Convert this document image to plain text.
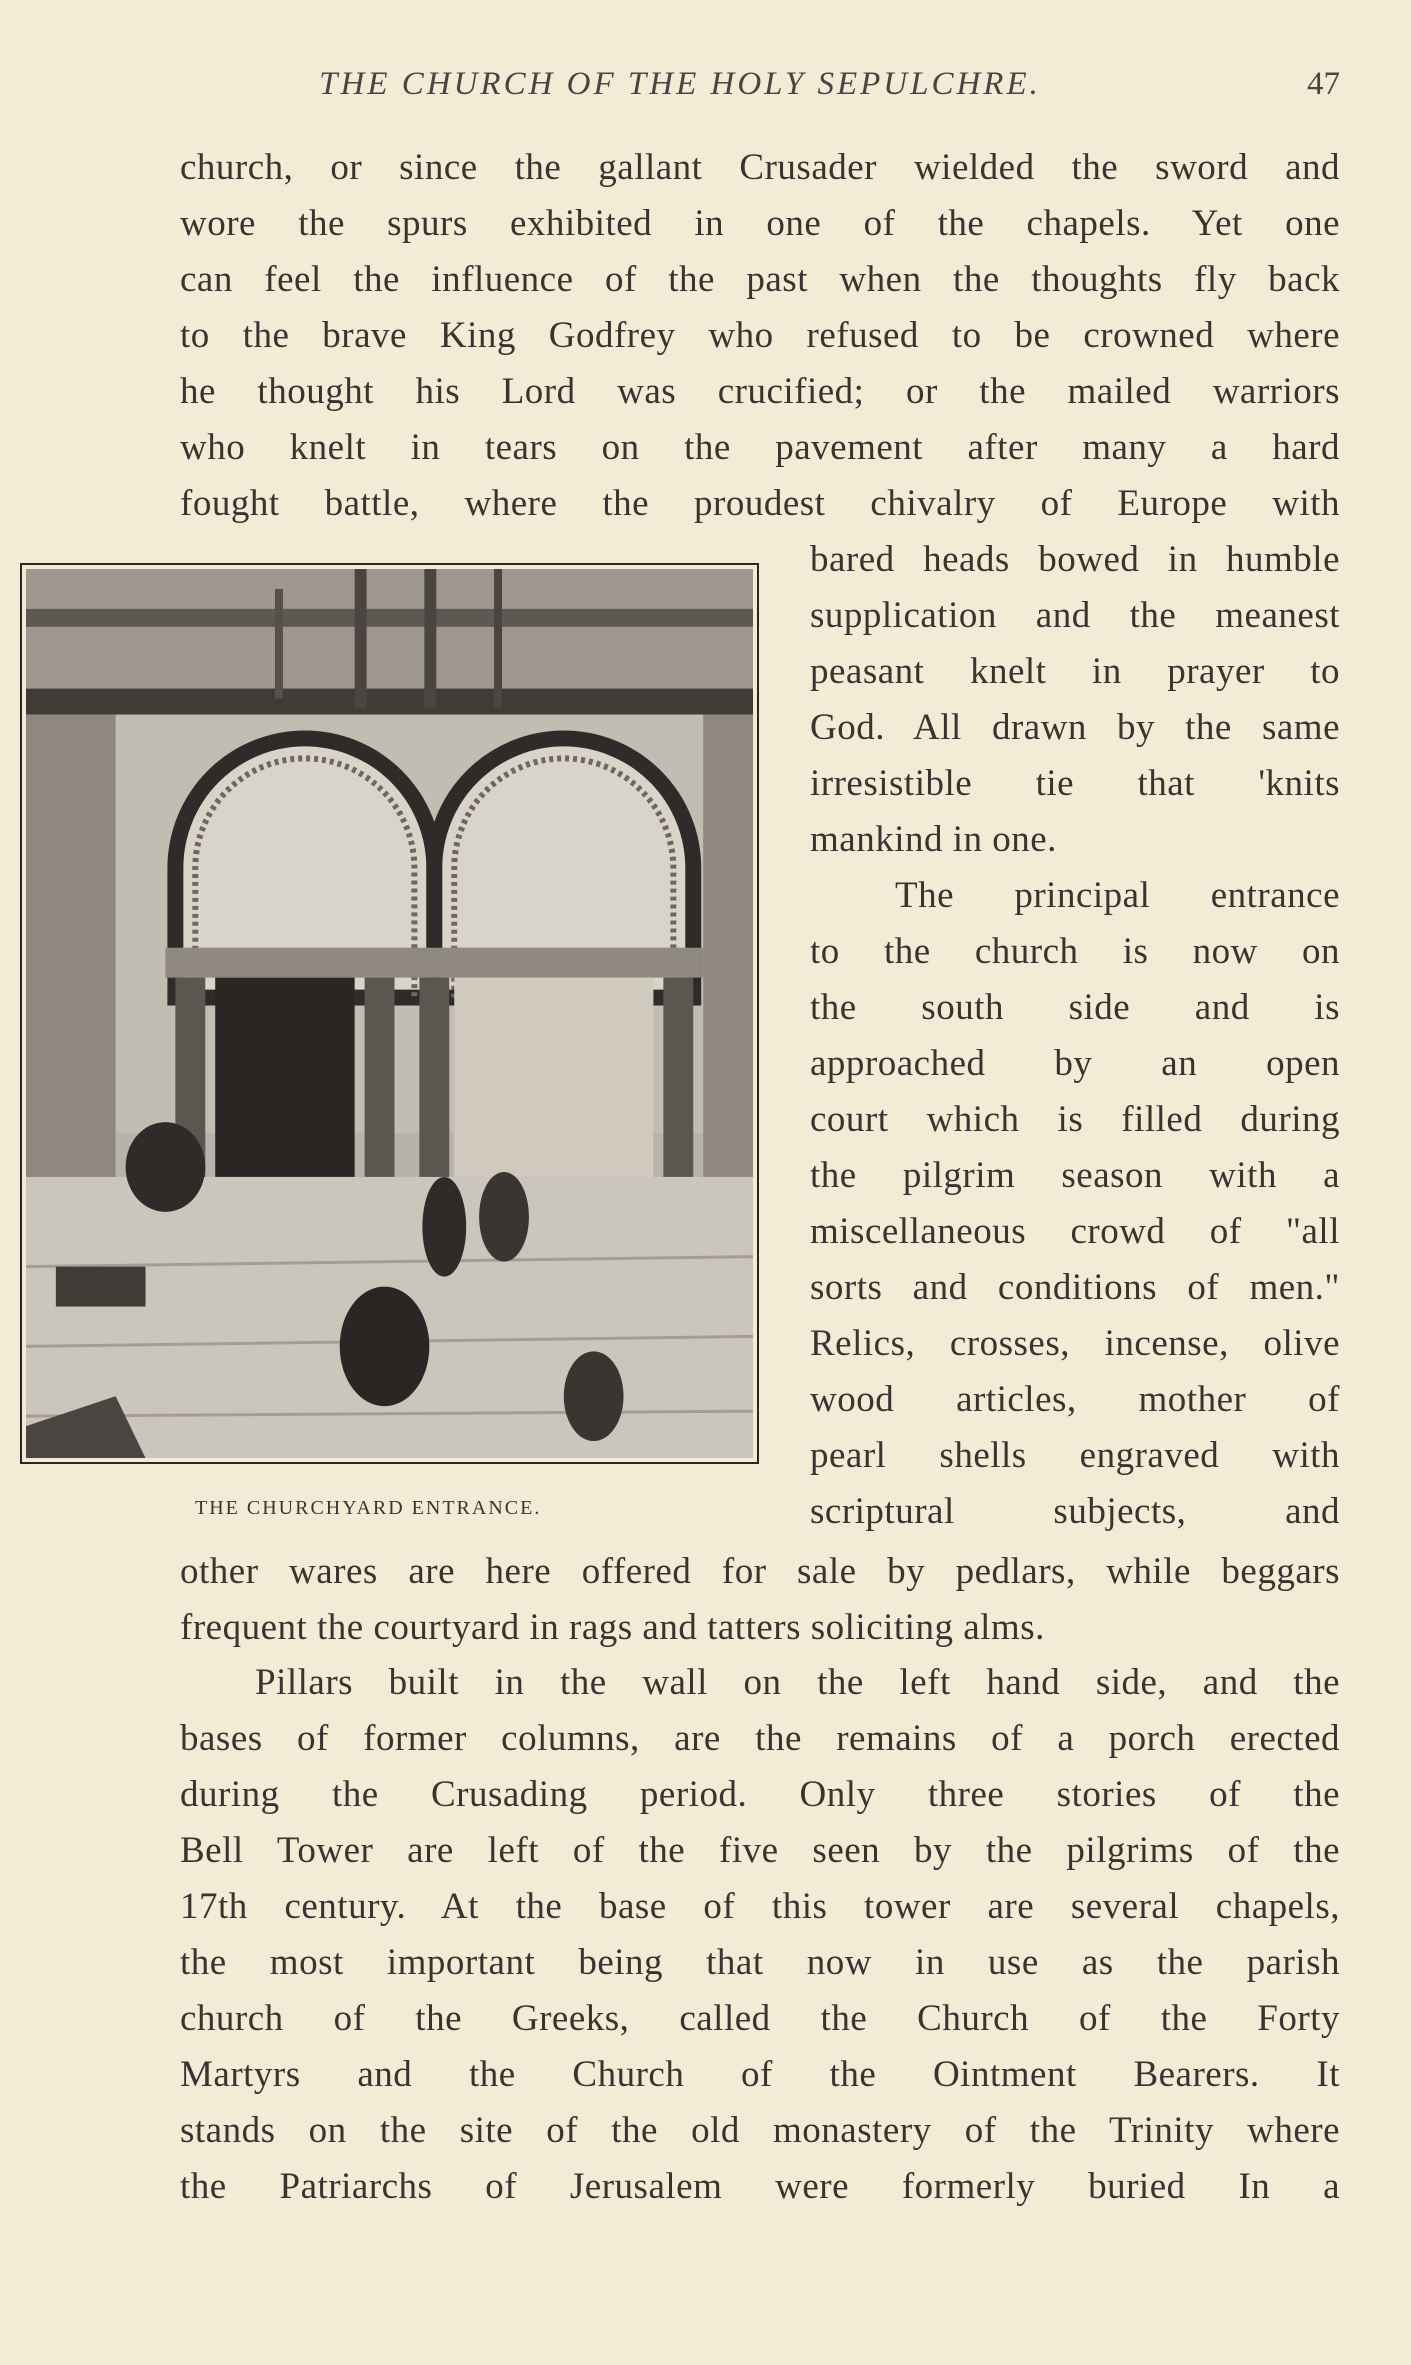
THE CHURCH OF THE HOLY SEPULCHRE.	47
church, or since the gallant Crusader wielded the sword and
wore the spurs exhibited in one of the chapels. Yet one
can feel the influence of the past when the thoughts fly back
to the brave King Godfrey who refused to be crowned where
he thought his Lord was crucified; or the mailed warriors
who knelt in tears on the pavement after many a hard
fought battle, where the proudest chivalry of Europe with
bared heads bowed in humble
supplication and the meanest
peasant knelt in prayer to
God. All drawn by the same
irresistible tie that 'knits
mankind in one.
The principal entrance
to the church is now on
the south side and is
approached by an open
court which is filled during
the pilgrim season with a
miscellaneous crowd of "all
sorts and conditions of men."
Relics, crosses, incense, olive
wood articles, mother of
pearl shells engraved with
scriptural subjects, and
other wares are here offered for sale by pedlars, while beggars
frequent the courtyard in rags and tatters soliciting alms.
Pillars built in the wall on the left hand side, and the
bases of former columns, are the remains of a porch erected
during the Crusading period. Only three stories of the
Bell Tower are left of the five seen by the pilgrims of the
17th century. At the base of this tower are several chapels,
the most important being that now in use as the parish
church of the Greeks, called the Church of the Forty
Martyrs and the Church of the Ointment Bearers. It
stands on the site of the old monastery of the Trinity where
the Patriarchs of Jerusalem were formerly buried In a
THE CHURCHYARD ENTRANCE.
